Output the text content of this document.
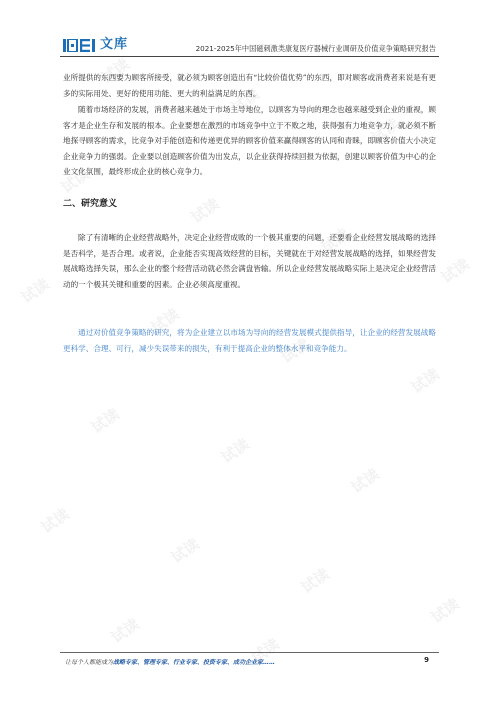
文库	2021-2025年中国磁刺激类康复医疗器械行业调研及价值竞争策略研究报告

业所提供的东西要为顾客所接受，就必须为顾客创造出有“比较价值优势”的东西，即对顾客或消费者来说是有更多的实际用处、更好的使用功能、更大的利益满足的东西。

随着市场经济的发展，消费者越来越处于市场主导地位，以顾客为导向的理念也越来越受到企业的重视，顾客才是企业生存和发展的根本。企业要想在激烈的市场竞争中立于不败之地，获得强有力地竞争力，就必须不断地探寻顾客的需求，比竞争对手能创造和传递更优异的顾客价值来赢得顾客的认同和青睐，即顾客价值大小决定企业竞争力的强弱。企业要以创造顾客价值为出发点，以企业获得持续回报为依据，创建以顾客价值为中心的企业文化氛围，最终形成企业的核心竞争力。

二、研究意义

除了有清晰的企业经营战略外，决定企业经营成败的一个极其重要的问题，还要看企业经营发展战略的选择是否科学，是否合理。或者说，企业能否实现高效经营的目标，关键就在于对经营发展战略的选择，如果经营发展战略选择失误，那么企业的整个经营活动就必然会满盘皆输。所以企业经营发展战略实际上是决定企业经营活动的一个极其关键和重要的因素。企业必须高度重视。

通过对价值竞争策略的研究，将为企业建立以市场为导向的经营发展模式提供指导，让企业的经营发展战略更科学、合理、可行，减少失误带来的损失，有利于提高企业的整体水平和竞争能力。

让每个人都能成为战略专家、管理专家、行业专家、投资专家、成功企业家……	9
试读
试读
试读
试读
试读
试读
试读
试读
试读
试读
试读
试读
试读
试读
试读
试读
试读
试读
试读
试读
